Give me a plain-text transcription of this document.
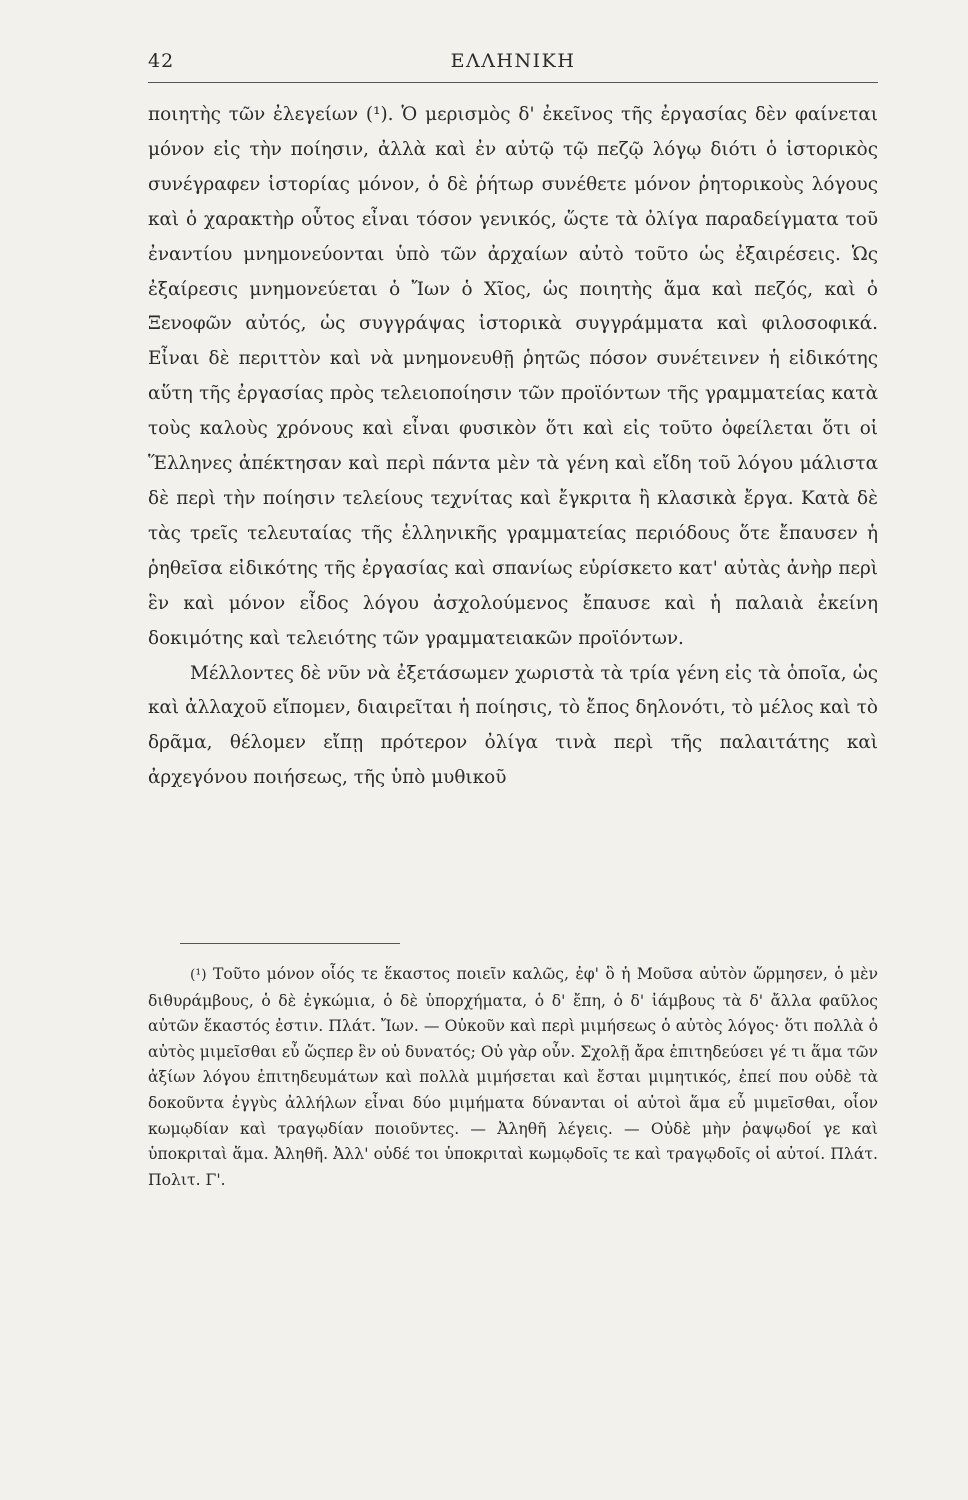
42	ΕΛΛΗΝΙΚΗ

ποιητὴς τῶν ἐλεγείων (¹). Ὁ μερισμὸς δ' ἐκεῖνος τῆς ἐργασίας δὲν φαίνεται μόνον εἰς τὴν ποίησιν, ἀλλὰ καὶ ἐν αὐτῷ τῷ πεζῷ λόγῳ διότι ὁ ἱστορικὸς συνέγραφεν ἱστορίας μόνον, ὁ δὲ ῥήτωρ συνέθετε μόνον ῥητορικοὺς λόγους καὶ ὁ χαρακτὴρ οὗτος εἶναι τόσον γενικός, ὥςτε τὰ ὀλίγα παραδείγματα τοῦ ἐναντίου μνημονεύονται ὑπὸ τῶν ἀρχαίων αὐτὸ τοῦτο ὡς ἐξαιρέσεις. Ὡς ἐξαίρεσις μνημονεύεται ὁ Ἴων ὁ Χῖος, ὡς ποιητὴς ἅμα καὶ πεζός, καὶ ὁ Ξενοφῶν αὐτός, ὡς συγγράψας ἱστορικὰ συγγράμματα καὶ φιλοσοφικά. Εἶναι δὲ περιττὸν καὶ νὰ μνημονευθῇ ῥητῶς πόσον συνέτεινεν ἡ εἰδικότης αὕτη τῆς ἐργασίας πρὸς τελειοποίησιν τῶν προϊόντων τῆς γραμματείας κατὰ τοὺς καλοὺς χρόνους καὶ εἶναι φυσικὸν ὅτι καὶ εἰς τοῦτο ὀφείλεται ὅτι οἱ Ἕλληνες ἀπέκτησαν καὶ περὶ πάντα μὲν τὰ γένη καὶ εἴδη τοῦ λόγου μάλιστα δὲ περὶ τὴν ποίησιν τελείους τεχνίτας καὶ ἔγκριτα ἢ κλασικὰ ἔργα. Κατὰ δὲ τὰς τρεῖς τελευταίας τῆς ἑλληνικῆς γραμματείας περιόδους ὅτε ἔπαυσεν ἡ ῥηθεῖσα εἰδικότης τῆς ἐργασίας καὶ σπανίως εὑρίσκετο κατ' αὐτὰς ἀνὴρ περὶ ἓν καὶ μόνον εἶδος λόγου ἀσχολούμενος ἔπαυσε καὶ ἡ παλαιὰ ἐκείνη δοκιμότης καὶ τελειότης τῶν γραμματειακῶν προϊόντων.

Μέλλοντες δὲ νῦν νὰ ἐξετάσωμεν χωριστὰ τὰ τρία γένη εἰς τὰ ὁποῖα, ὡς καὶ ἀλλαχοῦ εἴπομεν, διαιρεῖται ἡ ποίησις, τὸ ἔπος δηλονότι, τὸ μέλος καὶ τὸ δρᾶμα, θέλομεν εἴπῃ πρότερον ὀλίγα τινὰ περὶ τῆς παλαιτάτης καὶ ἀρχεγόνου ποιήσεως, τῆς ὑπὸ μυθικοῦ

(¹) Τοῦτο μόνον οἷός τε ἕκαστος ποιεῖν καλῶς, ἐφ' ὃ ἡ Μοῦσα αὐτὸν ὥρμησεν, ὁ μὲν διθυράμβους, ὁ δὲ ἐγκώμια, ὁ δὲ ὑπορχήματα, ὁ δ' ἔπη, ὁ δ' ἰάμβους τὰ δ' ἄλλα φαῦλος αὐτῶν ἕκαστός ἐστιν. Πλάτ. Ἴων. — Οὐκοῦν καὶ περὶ μιμήσεως ὁ αὐτὸς λόγος· ὅτι πολλὰ ὁ αὐτὸς μιμεῖσθαι εὖ ὥςπερ ἓν οὐ δυνατός; Οὐ γὰρ οὖν. Σχολῇ ἄρα ἐπιτηδεύσει γέ τι ἅμα τῶν ἀξίων λόγου ἐπιτηδευμάτων καὶ πολλὰ μιμήσεται καὶ ἔσται μιμητικός, ἐπεί που οὐδὲ τὰ δοκοῦντα ἐγγὺς ἀλλήλων εἶναι δύο μιμήματα δύνανται οἱ αὐτοὶ ἅμα εὖ μιμεῖσθαι, οἷον κωμῳδίαν καὶ τραγῳδίαν ποιοῦντες. — Ἀληθῆ λέγεις. — Οὐδὲ μὴν ῥαψῳδοί γε καὶ ὑποκριταὶ ἅμα. Ἀληθῆ. Ἀλλ' οὐδέ τοι ὑποκριταὶ κωμῳδοῖς τε καὶ τραγῳδοῖς οἱ αὐτοί. Πλάτ. Πολιτ. Γ'.
